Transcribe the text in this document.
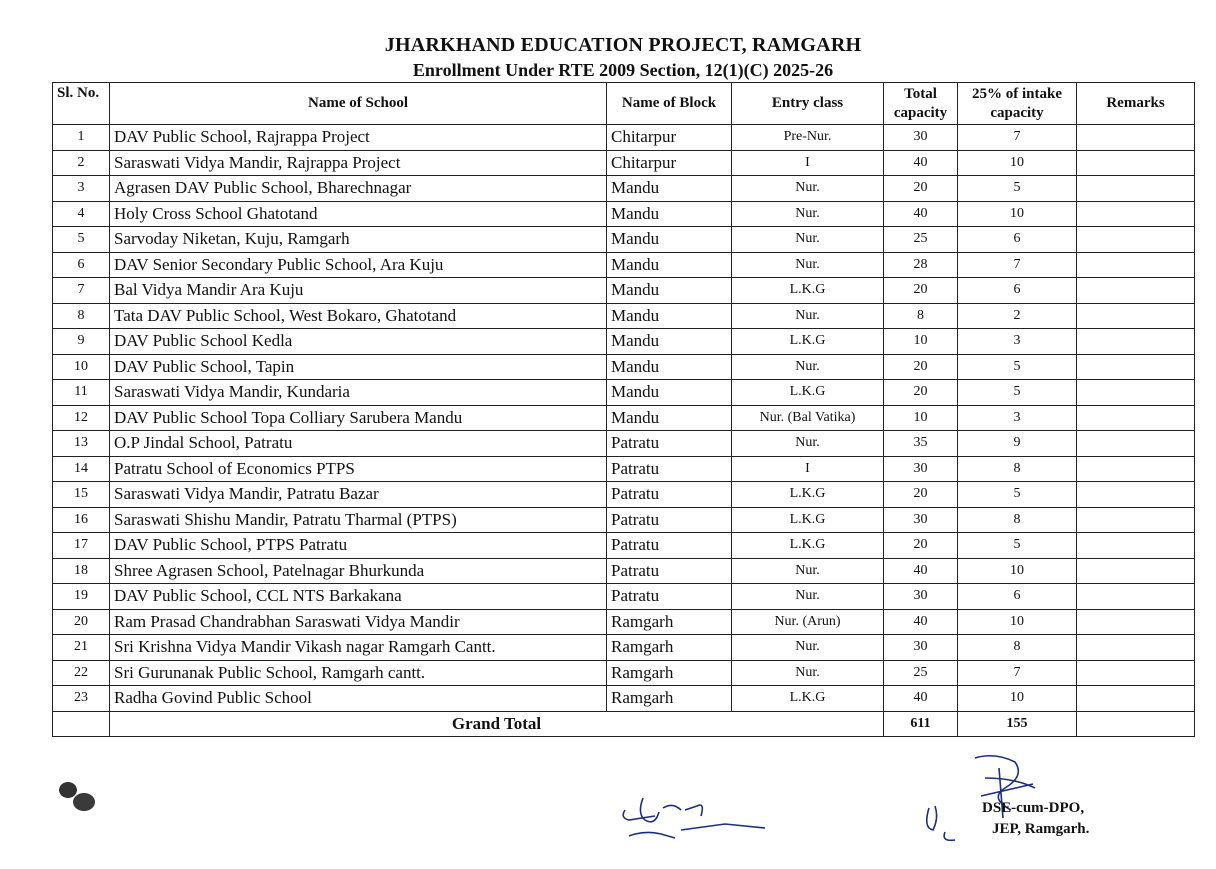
JHARKHAND EDUCATION PROJECT, RAMGARH
Enrollment Under RTE 2009 Section, 12(1)(C) 2025-26
Sl. No.	Name of School	Name of Block	Entry class	Total capacity	25% of intake capacity	Remarks
1	DAV Public School, Rajrappa Project	Chitarpur	Pre-Nur.	30	7	
2	Saraswati Vidya Mandir, Rajrappa Project	Chitarpur	I	40	10	
3	Agrasen DAV Public School, Bharechnagar	Mandu	Nur.	20	5	
4	Holy Cross School Ghatotand	Mandu	Nur.	40	10	
5	Sarvoday Niketan, Kuju, Ramgarh	Mandu	Nur.	25	6	
6	DAV Senior Secondary Public School, Ara Kuju	Mandu	Nur.	28	7	
7	Bal Vidya Mandir Ara Kuju	Mandu	L.K.G	20	6	
8	Tata DAV Public School, West Bokaro, Ghatotand	Mandu	Nur.	8	2	
9	DAV Public School Kedla	Mandu	L.K.G	10	3	
10	DAV Public School, Tapin	Mandu	Nur.	20	5	
11	Saraswati Vidya Mandir, Kundaria	Mandu	L.K.G	20	5	
12	DAV Public School Topa Colliary Sarubera Mandu	Mandu	Nur. (Bal Vatika)	10	3	
13	O.P Jindal School, Patratu	Patratu	Nur.	35	9	
14	Patratu School of Economics PTPS	Patratu	I	30	8	
15	Saraswati Vidya Mandir, Patratu Bazar	Patratu	L.K.G	20	5	
16	Saraswati Shishu Mandir, Patratu Tharmal (PTPS)	Patratu	L.K.G	30	8	
17	DAV Public School, PTPS Patratu	Patratu	L.K.G	20	5	
18	Shree Agrasen School, Patelnagar Bhurkunda	Patratu	Nur.	40	10	
19	DAV Public School, CCL NTS Barkakana	Patratu	Nur.	30	6	
20	Ram Prasad Chandrabhan Saraswati Vidya Mandir	Ramgarh	Nur. (Arun)	40	10	
21	Sri Krishna Vidya Mandir Vikash nagar Ramgarh Cantt.	Ramgarh	Nur.	30	8	
22	Sri Gurunanak Public School, Ramgarh cantt.	Ramgarh	Nur.	25	7	
23	Radha Govind Public School	Ramgarh	L.K.G	40	10	
	Grand Total			611	155	
DSE-cum-DPO,
JEP, Ramgarh.
